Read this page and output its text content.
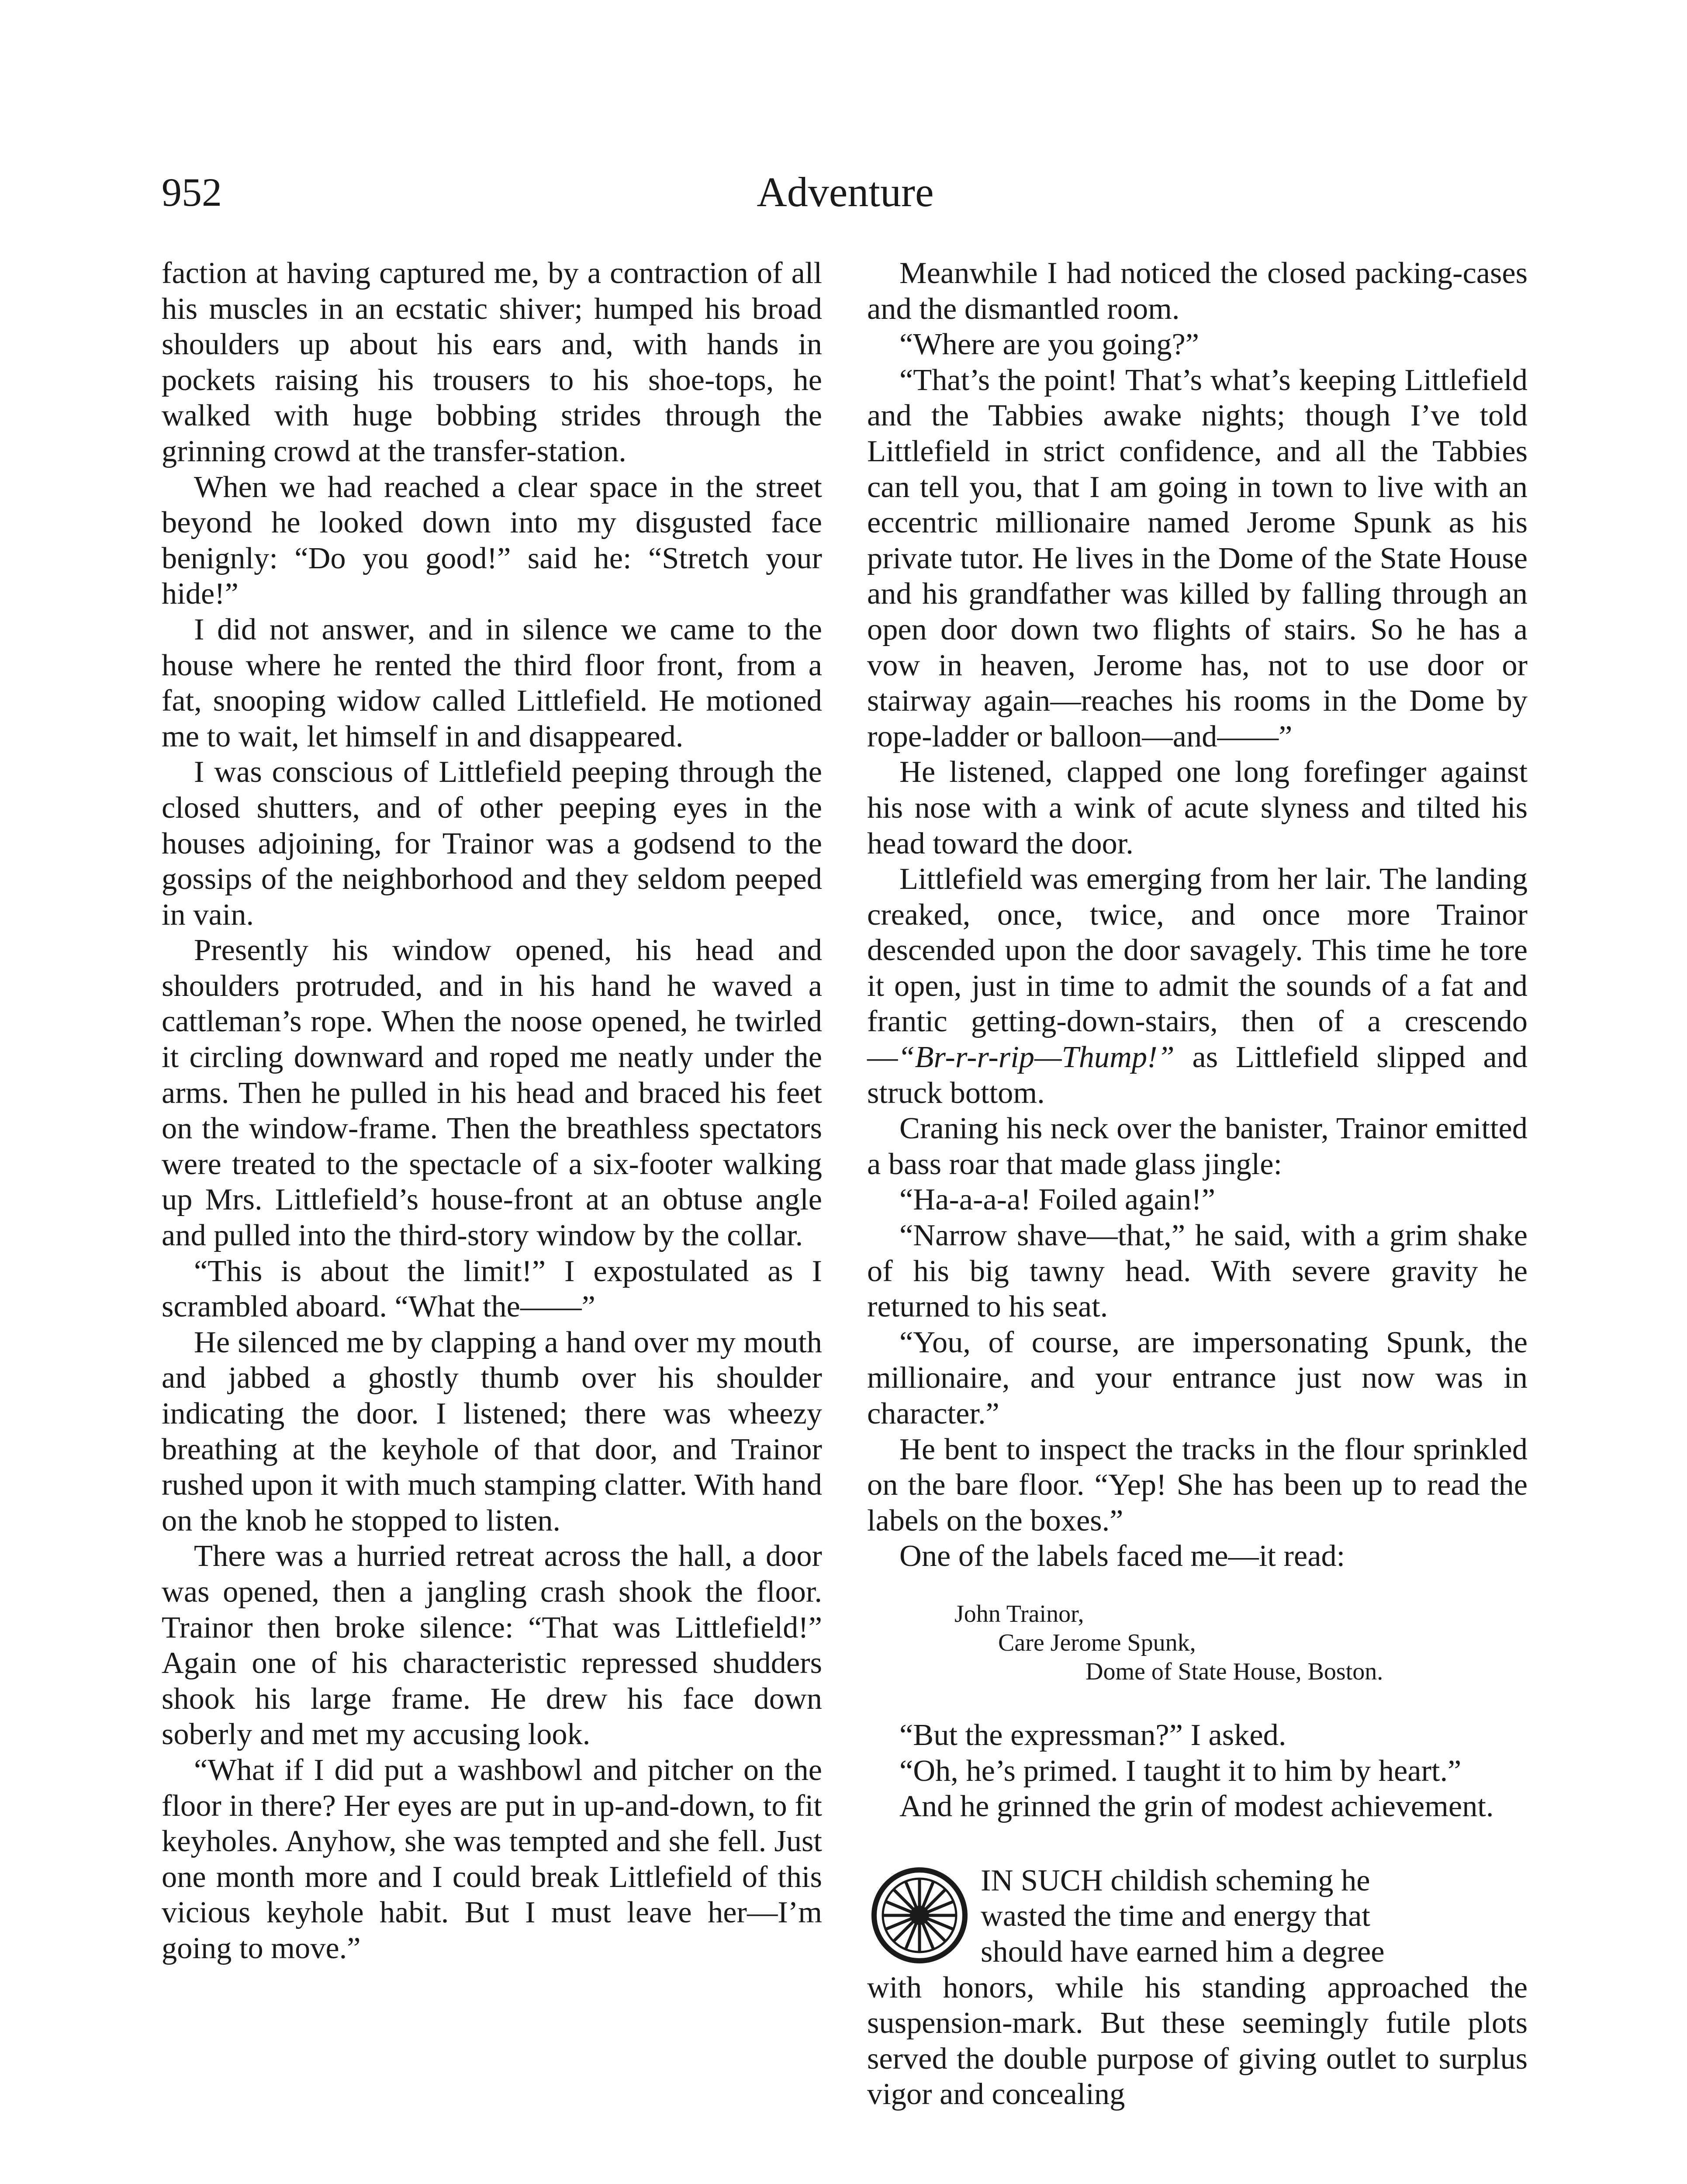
952	Adventure

faction at having captured me, by a contraction of all his muscles in an ecstatic shiver; humped his broad shoulders up about his ears and, with hands in pockets raising his trousers to his shoe-tops, he walked with huge bobbing strides through the grinning crowd at the transfer-station.

When we had reached a clear space in the street beyond he looked down into my disgusted face benignly: “Do you good!” said he: “Stretch your hide!”

I did not answer, and in silence we came to the house where he rented the third floor front, from a fat, snooping widow called Littlefield. He motioned me to wait, let himself in and disappeared.

I was conscious of Littlefield peeping through the closed shutters, and of other peeping eyes in the houses adjoining, for Trainor was a godsend to the gossips of the neighborhood and they seldom peeped in vain.

Presently his window opened, his head and shoulders protruded, and in his hand he waved a cattleman’s rope. When the noose opened, he twirled it circling downward and roped me neatly under the arms. Then he pulled in his head and braced his feet on the window-frame. Then the breathless spectators were treated to the spectacle of a six-footer walking up Mrs. Littlefield’s house-front at an obtuse angle and pulled into the third-story window by the collar.

“This is about the limit!” I expostulated as I scrambled aboard. “What the——”

He silenced me by clapping a hand over my mouth and jabbed a ghostly thumb over his shoulder indicating the door. I listened; there was wheezy breathing at the keyhole of that door, and Trainor rushed upon it with much stamping clatter. With hand on the knob he stopped to listen.

There was a hurried retreat across the hall, a door was opened, then a jangling crash shook the floor. Trainor then broke silence: “That was Littlefield!” Again one of his characteristic repressed shudders shook his large frame. He drew his face down soberly and met my accusing look.

“What if I did put a washbowl and pitcher on the floor in there? Her eyes are put in up-and-down, to fit keyholes. Anyhow, she was tempted and she fell. Just one month more and I could break Littlefield of this vicious keyhole habit. But I must leave her—I’m going to move.”

Meanwhile I had noticed the closed packing-cases and the dismantled room.

“Where are you going?”

“That’s the point! That’s what’s keeping Littlefield and the Tabbies awake nights; though I’ve told Littlefield in strict confidence, and all the Tabbies can tell you, that I am going in town to live with an eccentric millionaire named Jerome Spunk as his private tutor. He lives in the Dome of the State House and his grandfather was killed by falling through an open door down two flights of stairs. So he has a vow in heaven, Jerome has, not to use door or stairway again—reaches his rooms in the Dome by rope-ladder or balloon—and——”

He listened, clapped one long forefinger against his nose with a wink of acute slyness and tilted his head toward the door.

Littlefield was emerging from her lair. The landing creaked, once, twice, and once more Trainor descended upon the door savagely. This time he tore it open, just in time to admit the sounds of a fat and frantic getting-down-stairs, then of a crescendo—“Br-r-r-rip—Thump!” as Littlefield slipped and struck bottom.

Craning his neck over the banister, Trainor emitted a bass roar that made glass jingle:

“Ha-a-a-a! Foiled again!”

“Narrow shave—that,” he said, with a grim shake of his big tawny head. With severe gravity he returned to his seat.

“You, of course, are impersonating Spunk, the millionaire, and your entrance just now was in character.”

He bent to inspect the tracks in the flour sprinkled on the bare floor. “Yep! She has been up to read the labels on the boxes.”

One of the labels faced me—it read:

John Trainor,
Care Jerome Spunk,
Dome of State House, Boston.

“But the expressman?” I asked.

“Oh, he’s primed. I taught it to him by heart.”

And he grinned the grin of modest achievement.

IN SUCH childish scheming he
wasted the time and energy that
should have earned him a degree

with honors, while his standing approached the suspension-mark. But these seemingly futile plots served the double purpose of giving outlet to surplus vigor and concealing
